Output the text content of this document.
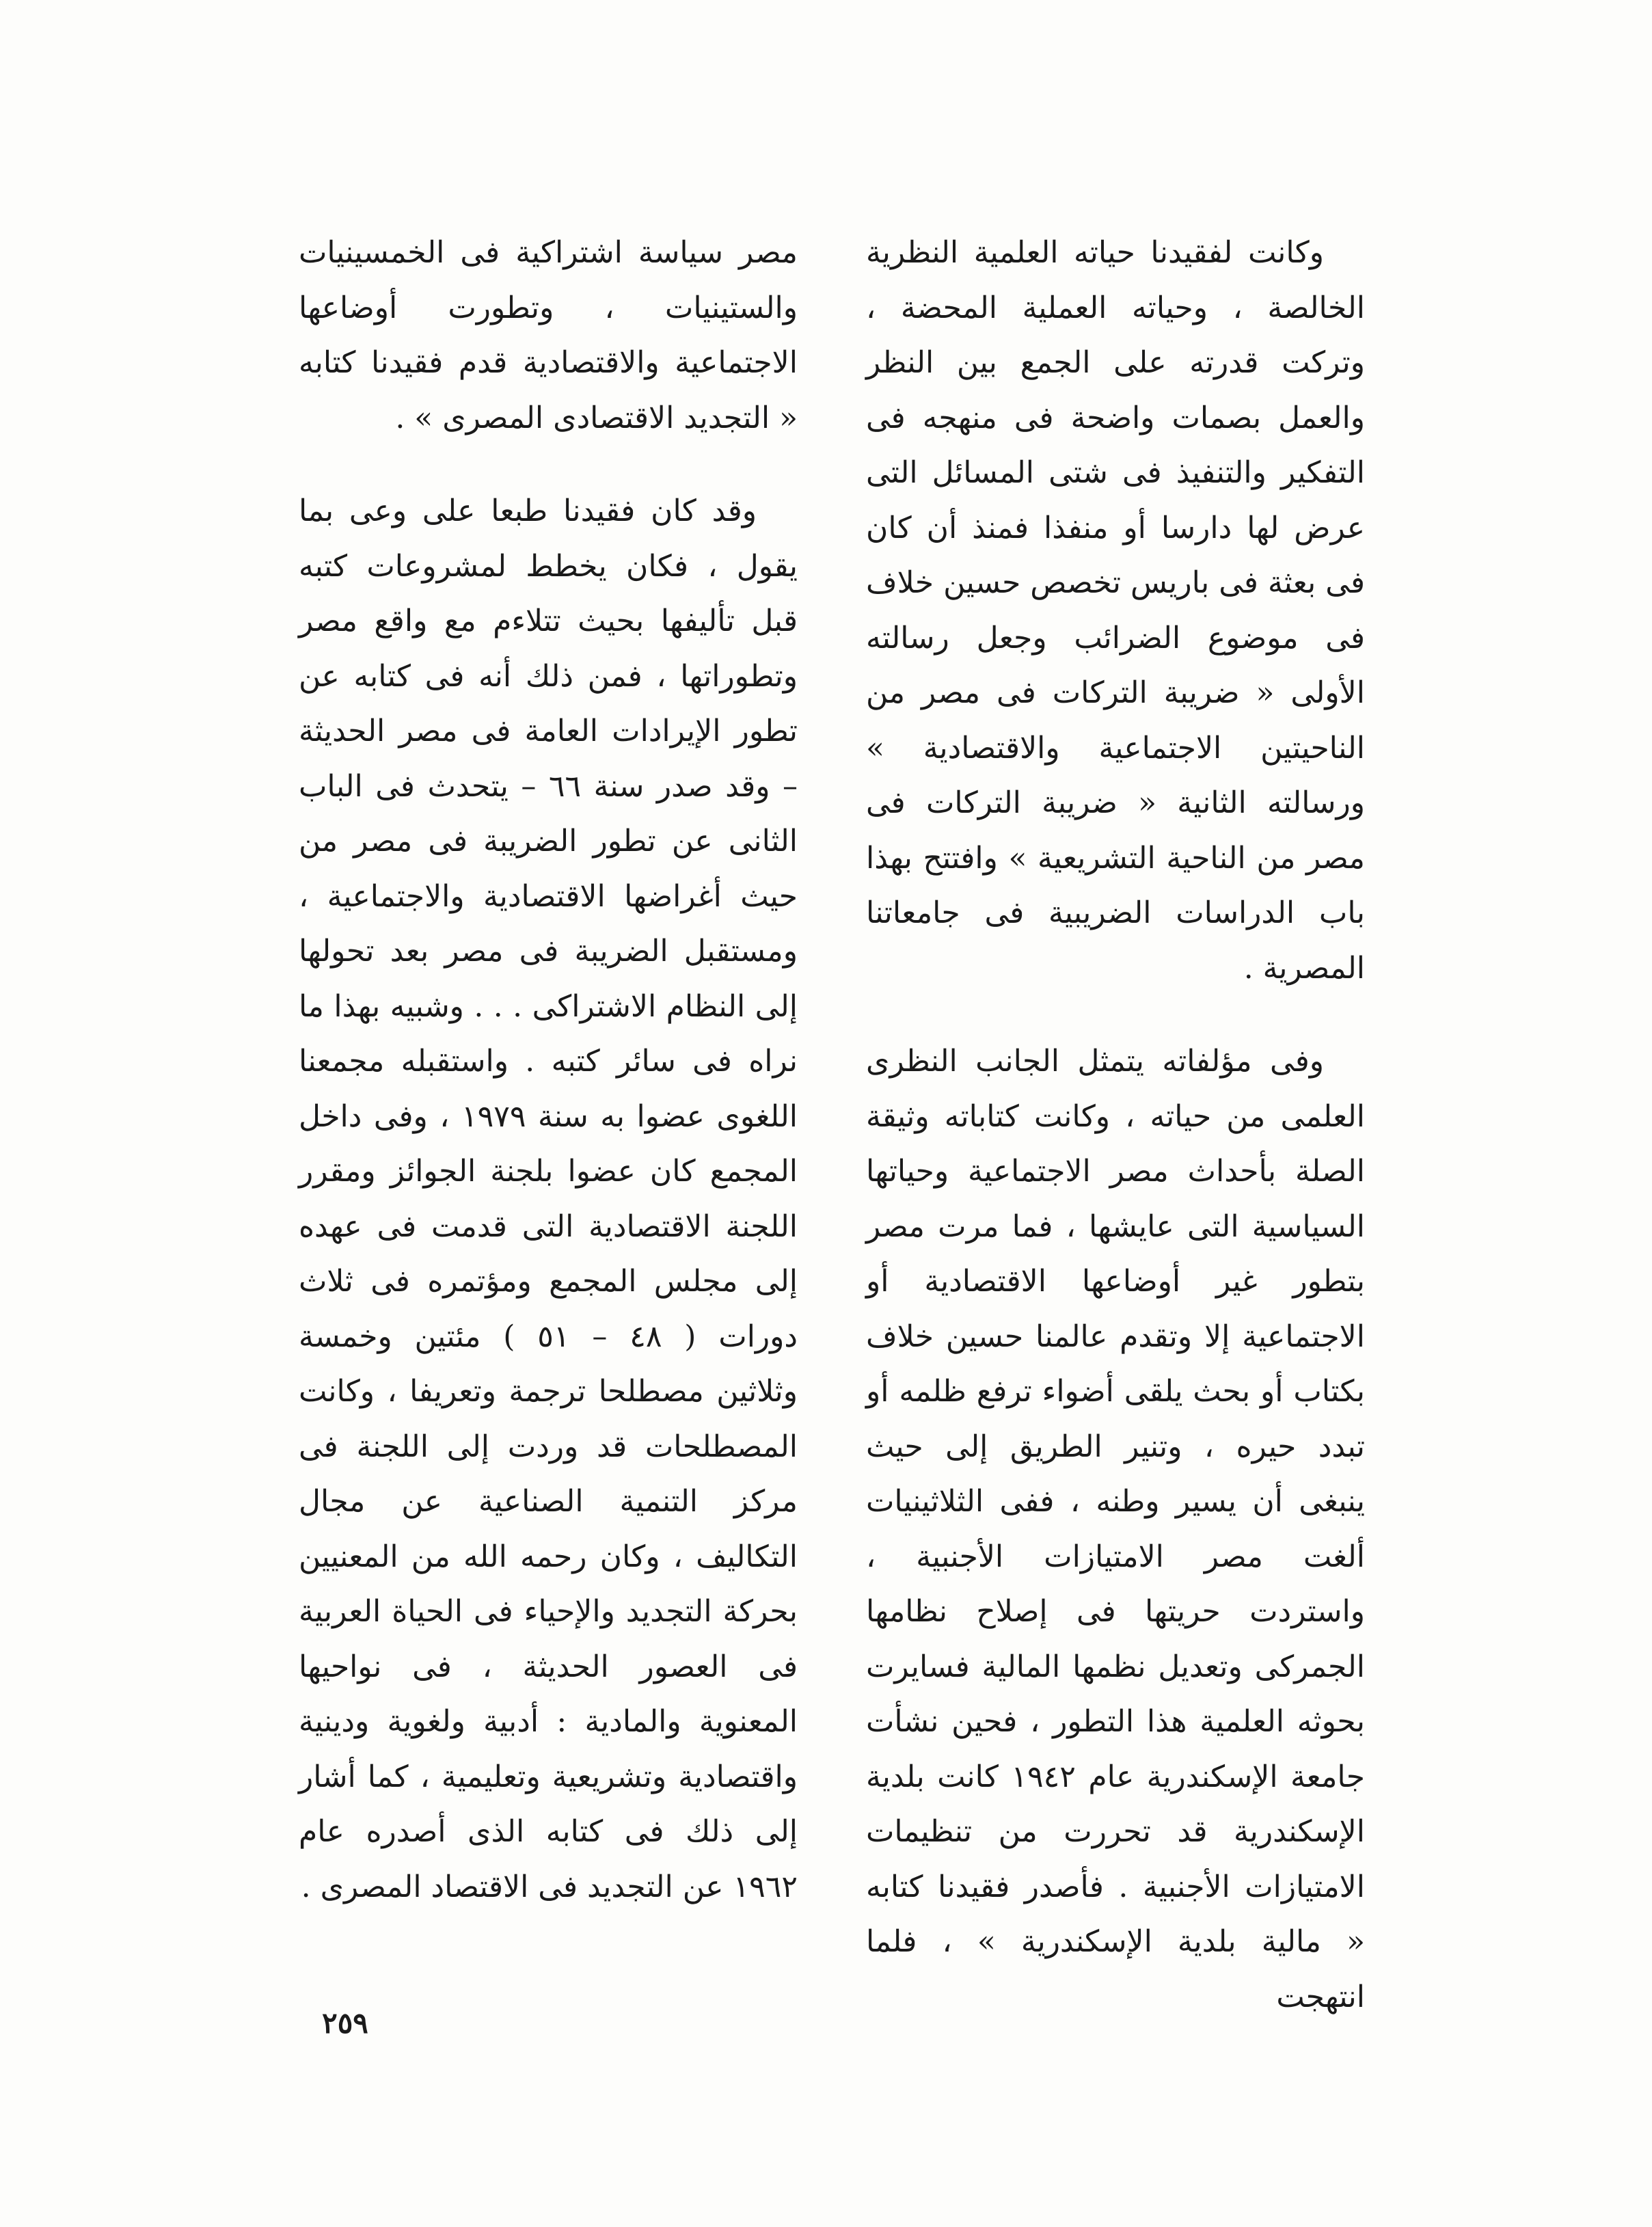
وكانت لفقيدنا حياته العلمية النظرية الخالصة ، وحياته العملية المحضة ، وتركت قدرته على الجمع بين النظر والعمل بصمات واضحة فى منهجه فى التفكير والتنفيذ فى شتى المسائل التى عرض لها دارسا أو منفذا فمنذ أن كان فى بعثة فى باريس تخصص حسين خلاف فى موضوع الضرائب وجعل رسالته الأولى « ضريبة التركات فى مصر من الناحيتين الاجتماعية والاقتصادية » ورسالته الثانية « ضريبة التركات فى مصر من الناحية التشريعية » وافتتح بهذا باب الدراسات الضريبية فى جامعاتنا المصرية .

وفى مؤلفاته يتمثل الجانب النظرى العلمى من حياته ، وكانت كتاباته وثيقة الصلة بأحداث مصر الاجتماعية وحياتها السياسية التى عايشها ، فما مرت مصر بتطور غير أوضاعها الاقتصادية أو الاجتماعية إلا وتقدم عالمنا حسين خلاف بكتاب أو بحث يلقى أضواء ترفع ظلمه أو تبدد حيره ، وتنير الطريق إلى حيث ينبغى أن يسير وطنه ، ففى الثلاثينيات ألغت مصر الامتيازات الأجنبية ، واستردت حريتها فى إصلاح نظامها الجمركى وتعديل نظمها المالية فسايرت بحوثه العلمية هذا التطور ، فحين نشأت جامعة الإسكندرية عام ١٩٤٢ كانت بلدية الإسكندرية قد تحررت من تنظيمات الامتيازات الأجنبية . فأصدر فقيدنا كتابه « مالية بلدية الإسكندرية » ، فلما انتهجت

مصر سياسة اشتراكية فى الخمسينيات والستينيات ، وتطورت أوضاعها الاجتماعية والاقتصادية قدم فقيدنا كتابه « التجديد الاقتصادى المصرى » .

وقد كان فقيدنا طبعا على وعى بما يقول ، فكان يخطط لمشروعات كتبه قبل تأليفها بحيث تتلاءم مع واقع مصر وتطوراتها ، فمن ذلك أنه فى كتابه عن تطور الإيرادات العامة فى مصر الحديثة – وقد صدر سنة ٦٦ – يتحدث فى الباب الثانى عن تطور الضريبة فى مصر من حيث أغراضها الاقتصادية والاجتماعية ، ومستقبل الضريبة فى مصر بعد تحولها إلى النظام الاشتراكى . . . وشبيه بهذا ما نراه فى سائر كتبه . واستقبله مجمعنا اللغوى عضوا به سنة ١٩٧٩ ، وفى داخل المجمع كان عضوا بلجنة الجوائز ومقرر اللجنة الاقتصادية التى قدمت فى عهده إلى مجلس المجمع ومؤتمره فى ثلاث دورات ( ٤٨ – ٥١ ) مئتين وخمسة وثلاثين مصطلحا ترجمة وتعريفا ، وكانت المصطلحات قد وردت إلى اللجنة فى مركز التنمية الصناعية عن مجال التكاليف ، وكان رحمه الله من المعنيين بحركة التجديد والإحياء فى الحياة العربية فى العصور الحديثة ، فى نواحيها المعنوية والمادية : أدبية ولغوية ودينية واقتصادية وتشريعية وتعليمية ، كما أشار إلى ذلك فى كتابه الذى أصدره عام ١٩٦٢ عن التجديد فى الاقتصاد المصرى .

٢٥٩
